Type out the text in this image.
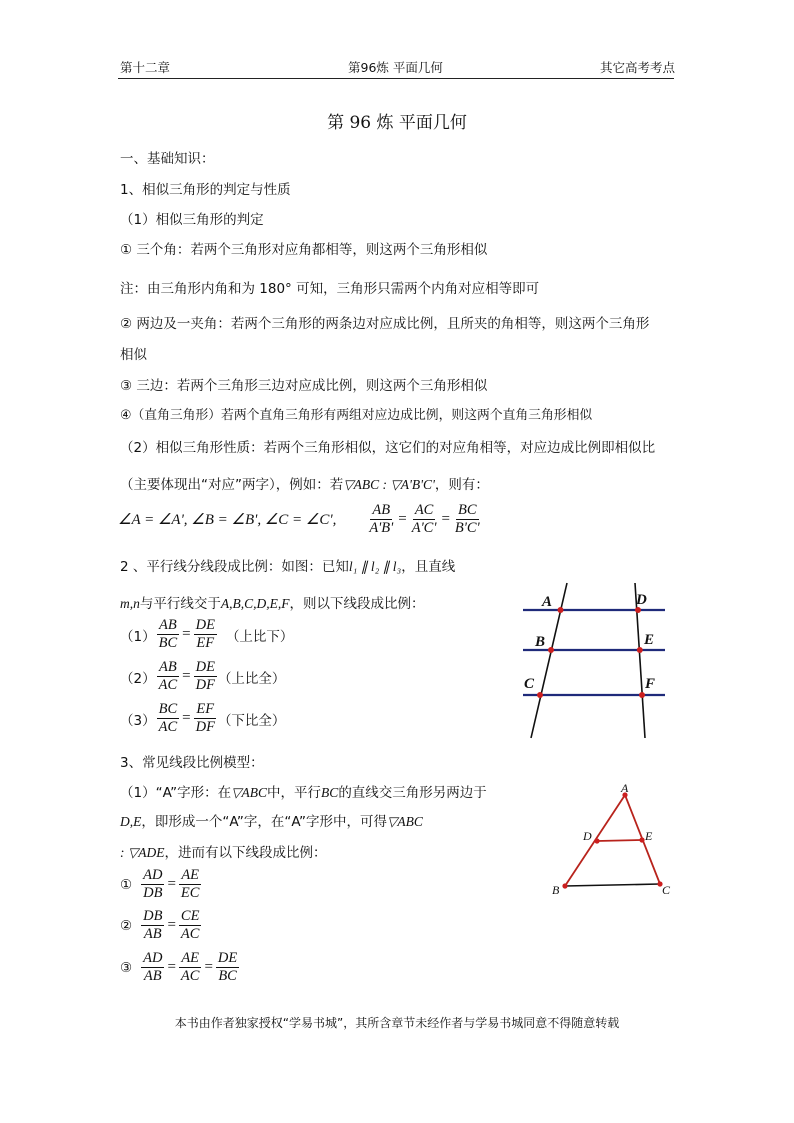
第十二章	第96炼 平面几何	其它高考考点
第 96 炼 平面几何
一、基础知识：
1、相似三角形的判定与性质
（1）相似三角形的判定
① 三个角：若两个三角形对应角都相等，则这两个三角形相似
注：由三角形内角和为 180° 可知，三角形只需两个内角对应相等即可
② 两边及一夹角：若两个三角形的两条边对应成比例，且所夹的角相等，则这两个三角形
相似
③ 三边：若两个三角形三边对应成比例，则这两个三角形相似
④（直角三角形）若两个直角三角形有两组对应边成比例，则这两个直角三角形相似
（2）相似三角形性质：若两个三角形相似，这它们的对应角相等，对应边成比例即相似比
（主要体现出“对应”两字），例如：若▽ABC : ▽A'B'C'，则有：
∠A = ∠A', ∠B = ∠B', ∠C = ∠C', $\frac{AB}{A'B'} = \frac{AC}{A'C'} = \frac{BC}{B'C'}$
2 、平行线分线段成比例：如图：已知l₁ ∥ l₂ ∥ l₃，且直线
m,n与平行线交于A,B,C,D,E,F，则以下线段成比例：
$(1) \frac{AB}{BC} = \frac{DE}{EF}$ （上比下）
$(2) \frac{AB}{AC} = \frac{DE}{DF}$ （上比全）
$(3) \frac{BC}{AC} = \frac{EF}{DF}$ （下比全）
A
B
C
D
E
F
3、常见线段比例模型：
（1）“A”字形：在▽ABC中，平行BC的直线交三角形另两边于
D,E，即形成一个“A”字，在“A”字形中，可得▽ABC
: ▽ADE，进而有以下线段成比例：
① $\frac{AD}{DB} = \frac{AE}{EC}$
② $\frac{DB}{AB} = \frac{CE}{AC}$
③ $\frac{AD}{AB} = \frac{AE}{AC} = \frac{DE}{BC}$
A
D	E
B	C
本书由作者独家授权“学易书城”，其所含章节未经作者与学易书城同意不得随意转载
